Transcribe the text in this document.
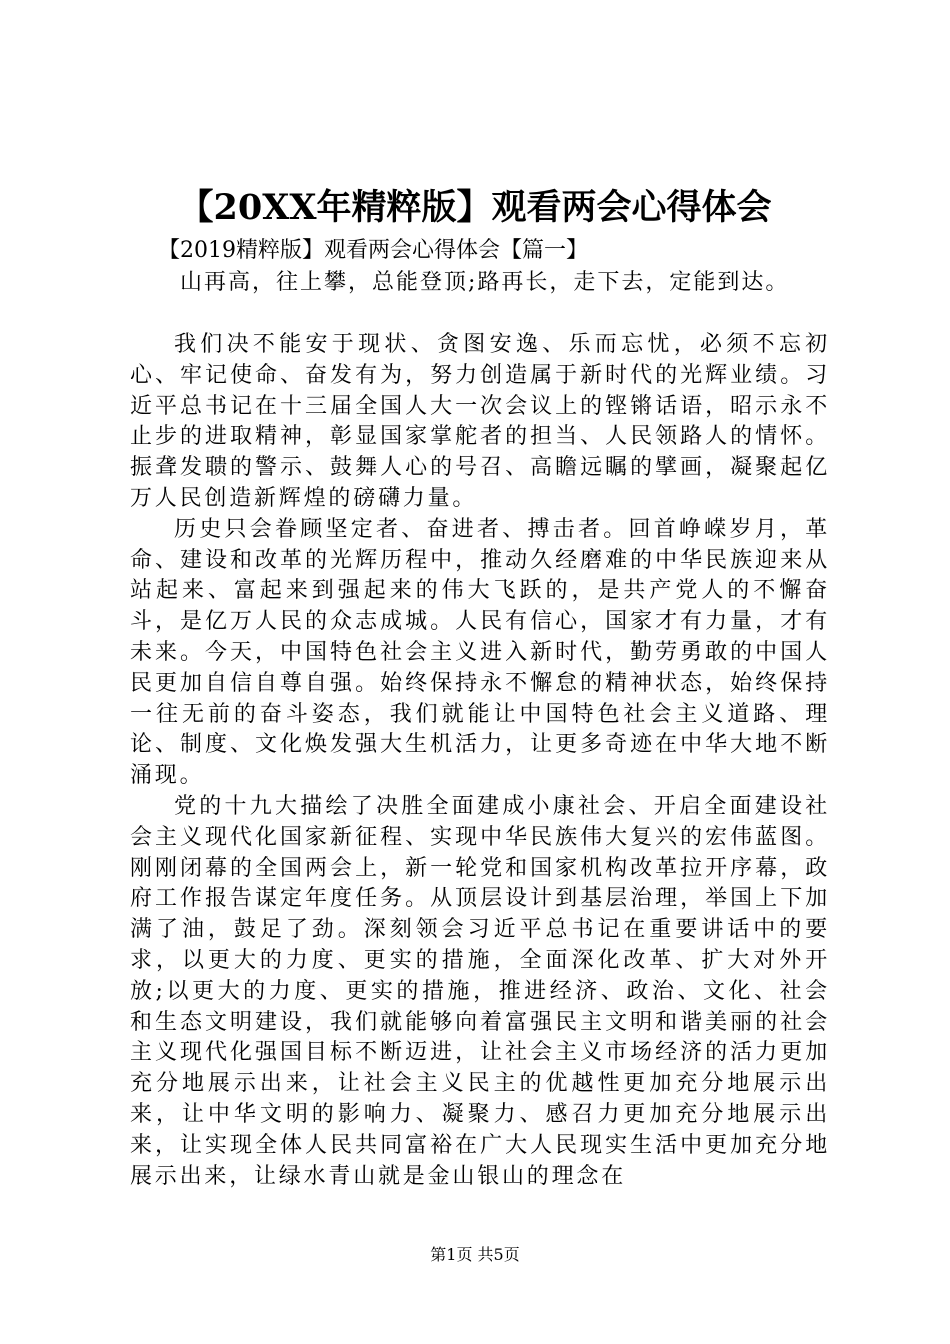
【20XX年精粹版】观看两会心得体会
【2019精粹版】观看两会心得体会【篇一】
山再高，往上攀，总能登顶;路再长，走下去，定能到达。

我们决不能安于现状、贪图安逸、乐而忘忧，必须不忘初心、牢记使命、奋发有为，努力创造属于新时代的光辉业绩。习近平总书记在十三届全国人大一次会议上的铿锵话语，昭示永不止步的进取精神，彰显国家掌舵者的担当、人民领路人的情怀。振聋发聩的警示、鼓舞人心的号召、高瞻远瞩的擘画，凝聚起亿万人民创造新辉煌的磅礴力量。

历史只会眷顾坚定者、奋进者、搏击者。回首峥嵘岁月，革命、建设和改革的光辉历程中，推动久经磨难的中华民族迎来从站起来、富起来到强起来的伟大飞跃的，是共产党人的不懈奋斗，是亿万人民的众志成城。人民有信心，国家才有力量，才有未来。今天，中国特色社会主义进入新时代，勤劳勇敢的中国人民更加自信自尊自强。始终保持永不懈怠的精神状态，始终保持一往无前的奋斗姿态，我们就能让中国特色社会主义道路、理论、制度、文化焕发强大生机活力，让更多奇迹在中华大地不断涌现。

党的十九大描绘了决胜全面建成小康社会、开启全面建设社会主义现代化国家新征程、实现中华民族伟大复兴的宏伟蓝图。刚刚闭幕的全国两会上，新一轮党和国家机构改革拉开序幕，政府工作报告谋定年度任务。从顶层设计到基层治理，举国上下加满了油，鼓足了劲。深刻领会习近平总书记在重要讲话中的要求，以更大的力度、更实的措施，全面深化改革、扩大对外开放;以更大的力度、更实的措施，推进经济、政治、文化、社会和生态文明建设，我们就能够向着富强民主文明和谐美丽的社会主义现代化强国目标不断迈进，让社会主义市场经济的活力更加充分地展示出来，让社会主义民主的优越性更加充分地展示出来，让中华文明的影响力、凝聚力、感召力更加充分地展示出来，让实现全体人民共同富裕在广大人民现实生活中更加充分地展示出来，让绿水青山就是金山银山的理念在

第1页 共5页
